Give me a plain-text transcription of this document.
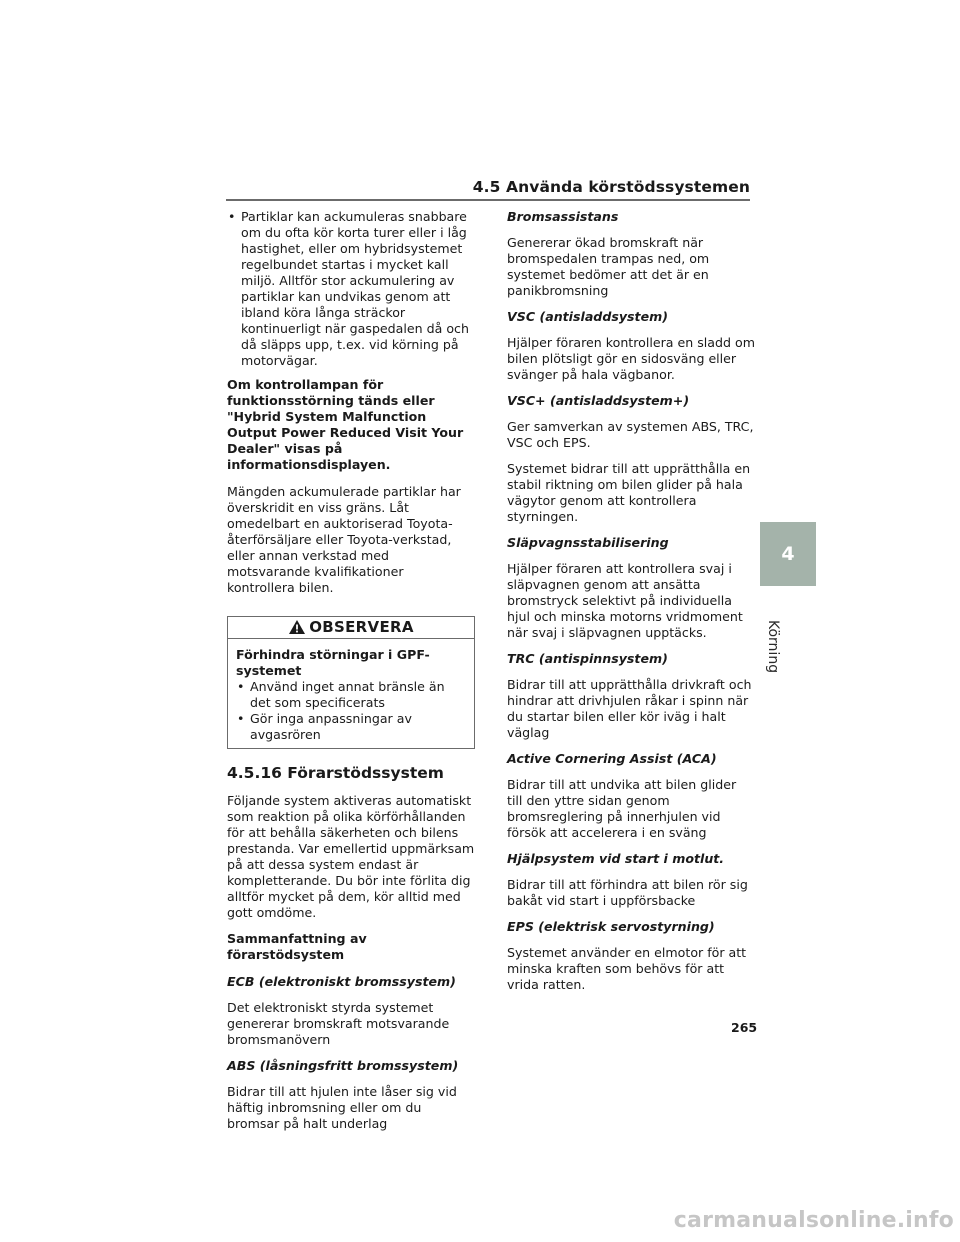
4.5 Använda körstödssystemen
• Partiklar kan ackumuleras snabbare om du ofta kör korta turer eller i låg hastighet, eller om hybridsystemet regelbundet startas i mycket kall miljö. Alltför stor ackumulering av partiklar kan undvikas genom att ibland köra långa sträckor kontinuerligt när gaspedalen då och då släpps upp, t.ex. vid körning på motorvägar.

Om kontrollampan för funktionsstörning tänds eller "Hybrid System Malfunction Output Power Reduced Visit Your Dealer" visas på informationsdisplayen.

Mängden ackumulerade partiklar har överskridit en viss gräns. Låt omedelbart en auktoriserad Toyota-återförsäljare eller Toyota-verkstad, eller annan verkstad med motsvarande kvalifikationer kontrollera bilen.

OBSERVERA
Förhindra störningar i GPF-systemet
• Använd inget annat bränsle än det som specificerats
• Gör inga anpassningar av avgasrören
4.5.16 Förarstödssystem

Följande system aktiveras automatiskt som reaktion på olika körförhållanden för att behålla säkerheten och bilens prestanda. Var emellertid uppmärksam på att dessa system endast är kompletterande. Du bör inte förlita dig alltför mycket på dem, kör alltid med gott omdöme.

Sammanfattning av förarstödsystem

ECB (elektroniskt bromssystem)

Det elektroniskt styrda systemet genererar bromskraft motsvarande bromsmanövern

ABS (låsningsfritt bromssystem)

Bidrar till att hjulen inte låser sig vid häftig inbromsning eller om du bromsar på halt underlag

Bromsassistans

Genererar ökad bromskraft när bromspedalen trampas ned, om systemet bedömer att det är en panikbromsning

VSC (antisladdsystem)

Hjälper föraren kontrollera en sladd om bilen plötsligt gör en sidosväng eller svänger på hala vägbanor.

VSC+ (antisladdsystem+)

Ger samverkan av systemen ABS, TRC, VSC och EPS.

Systemet bidrar till att upprätthålla en stabil riktning om bilen glider på hala vägytor genom att kontrollera styrningen.

Släpvagnsstabilisering

Hjälper föraren att kontrollera svaj i släpvagnen genom att ansätta bromstryck selektivt på individuella hjul och minska motorns vridmoment när svaj i släpvagnen upptäcks.

TRC (antispinnsystem)

Bidrar till att upprätthålla drivkraft och hindrar att drivhjulen råkar i spinn när du startar bilen eller kör iväg i halt väglag

Active Cornering Assist (ACA)

Bidrar till att undvika att bilen glider till den yttre sidan genom bromsreglering på innerhjulen vid försök att accelerera i en sväng

Hjälpsystem vid start i motlut.

Bidrar till att förhindra att bilen rör sig bakåt vid start i uppförsbacke

EPS (elektrisk servostyrning)

Systemet använder en elmotor för att minska kraften som behövs för att vrida ratten.

4
Körning
265
carmanualsonline.info
